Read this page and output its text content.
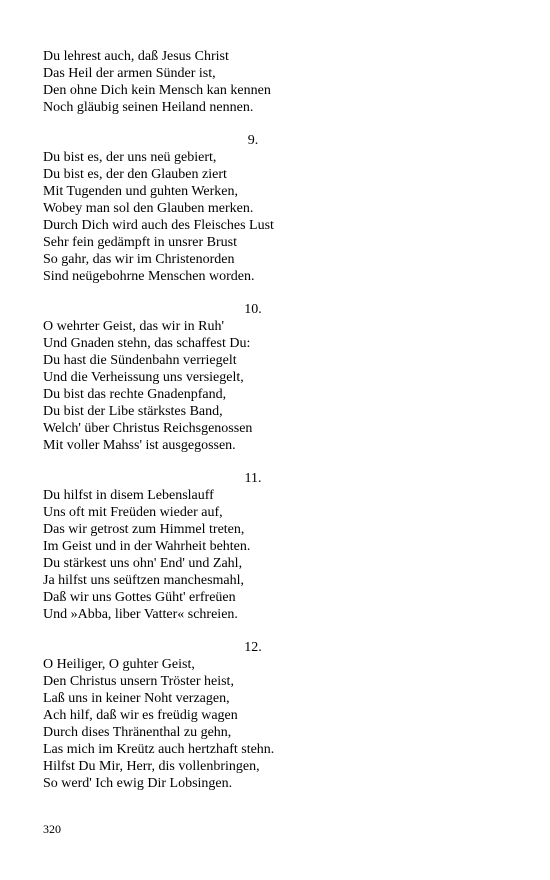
Du lehrest auch, daß Jesus Christ
Das Heil der armen Sünder ist,
Den ohne Dich kein Mensch kan kennen
Noch gläubig seinen Heiland nennen.
9.
Du bist es, der uns neü gebiert,
Du bist es, der den Glauben ziert
Mit Tugenden und guhten Werken,
Wobey man sol den Glauben merken.
Durch Dich wird auch des Fleisches Lust
Sehr fein gedämpft in unsrer Brust
So gahr, das wir im Christenorden
Sind neügebohrne Menschen worden.
10.
O wehrter Geist, das wir in Ruh'
Und Gnaden stehn, das schaffest Du:
Du hast die Sündenbahn verriegelt
Und die Verheissung uns versiegelt,
Du bist das rechte Gnadenpfand,
Du bist der Libe stärkstes Band,
Welch' über Christus Reichsgenossen
Mit voller Mahss' ist ausgegossen.
11.
Du hilfst in disem Lebenslauff
Uns oft mit Freüden wieder auf,
Das wir getrost zum Himmel treten,
Im Geist und in der Wahrheit behten.
Du stärkest uns ohn' End' und Zahl,
Ja hilfst uns seüftzen manchesmahl,
Daß wir uns Gottes Güht' erfreüen
Und »Abba, liber Vatter« schreien.
12.
O Heiliger, O guhter Geist,
Den Christus unsern Tröster heist,
Laß uns in keiner Noht verzagen,
Ach hilf, daß wir es freüdig wagen
Durch dises Thränenthal zu gehn,
Las mich im Kreütz auch hertzhaft stehn.
Hilfst Du Mir, Herr, dis vollenbringen,
So werd' Ich ewig Dir Lobsingen.
320
